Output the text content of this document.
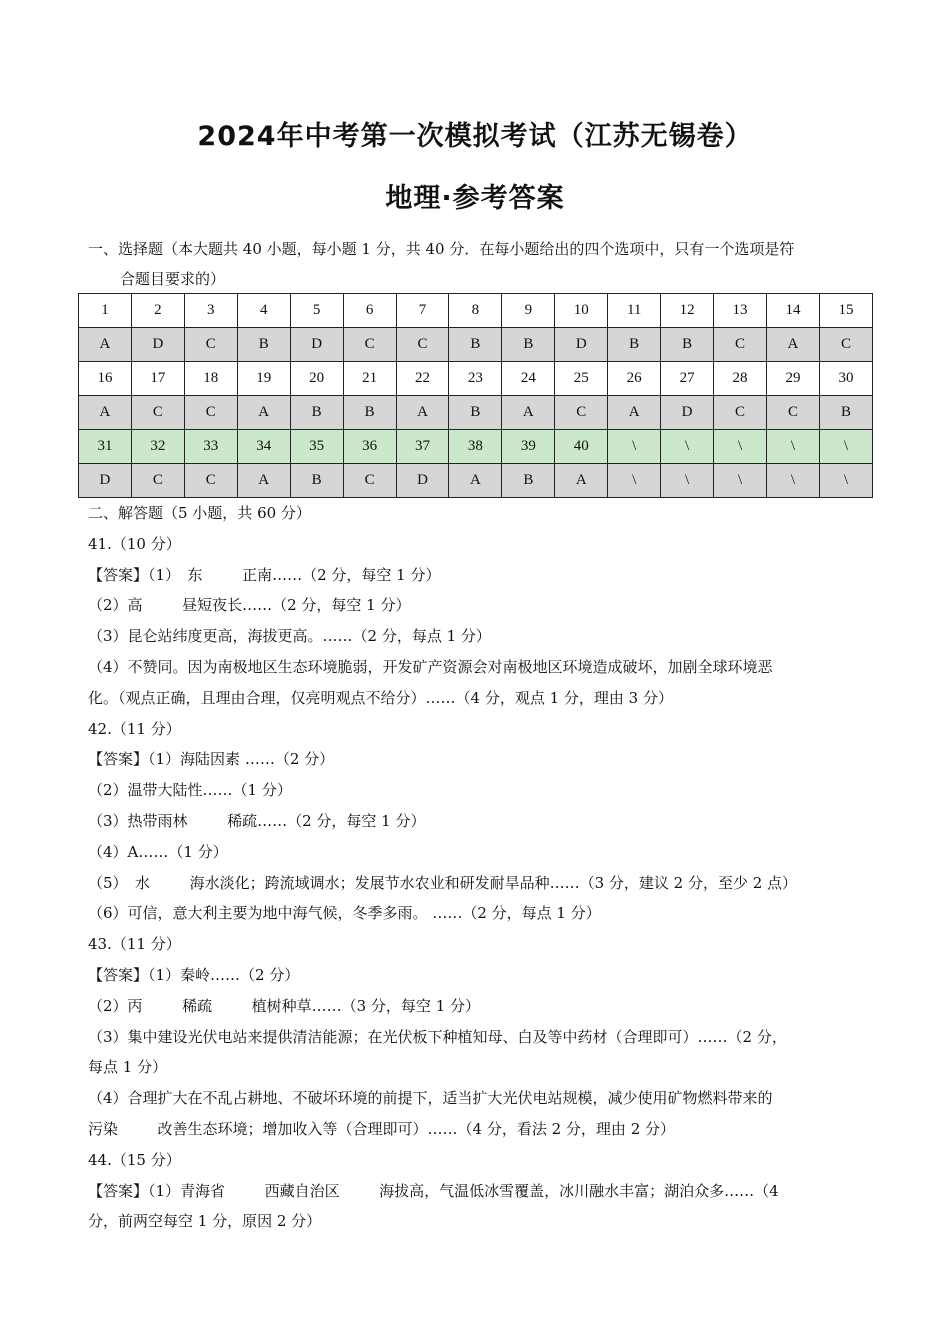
2024年中考第一次模拟考试（江苏无锡卷）
地理·参考答案
一、选择题（本大题共 40 小题，每小题 1 分，共 40 分．在每小题给出的四个选项中，只有一个选项是符
合题目要求的）
1	2	3	4	5	6	7	8	9	10	11	12	13	14	15
A	D	C	B	D	C	C	B	B	D	B	B	C	A	C
16	17	18	19	20	21	22	23	24	25	26	27	28	29	30
A	C	C	A	B	B	A	B	A	C	A	D	C	C	B
31	32	33	34	35	36	37	38	39	40	\	\	\	\	\
D	C	C	A	B	C	D	A	B	A	\	\	\	\	\
二、解答题（5 小题，共 60 分）
41.（10 分）
【答案】（1）　东　　  正南……（2 分，每空 1 分）
（2）高　　  昼短夜长……（2 分，每空 1 分）
（3）昆仑站纬度更高，海拔更高。……（2 分，每点 1 分）
（4）不赞同。因为南极地区生态环境脆弱，开发矿产资源会对南极地区环境造成破坏，加剧全球环境恶
化。（观点正确，且理由合理，仅亮明观点不给分）……（4 分，观点 1 分，理由 3 分）
42.（11 分）
【答案】（1）海陆因素 ……（2 分）
（2）温带大陆性……（1 分）
（3）热带雨林　　  稀疏……（2 分，每空 1 分）
（4）A……（1 分）
（5）　水　　  海水淡化；跨流域调水；发展节水农业和研发耐旱品种……（3 分，建议 2 分，至少 2 点）
（6）可信，意大利主要为地中海气候，冬季多雨。 ……（2 分，每点 1 分）
43.（11 分）
【答案】（1）秦岭……（2 分）
（2）丙　　  稀疏　　  植树种草……（3 分，每空 1 分）
（3）集中建设光伏电站来提供清洁能源；在光伏板下种植知母、白及等中药材（合理即可）……（2 分，
每点 1 分）
（4）合理扩大在不乱占耕地、不破坏环境的前提下，适当扩大光伏电站规模，减少使用矿物燃料带来的
污染　　  改善生态环境；增加收入等（合理即可）……（4 分，看法 2 分，理由 2 分）
44.（15 分）
【答案】（1）青海省　　  西藏自治区　　  海拔高，气温低冰雪覆盖，冰川融水丰富；湖泊众多……（4
分，前两空每空 1 分，原因 2 分）
